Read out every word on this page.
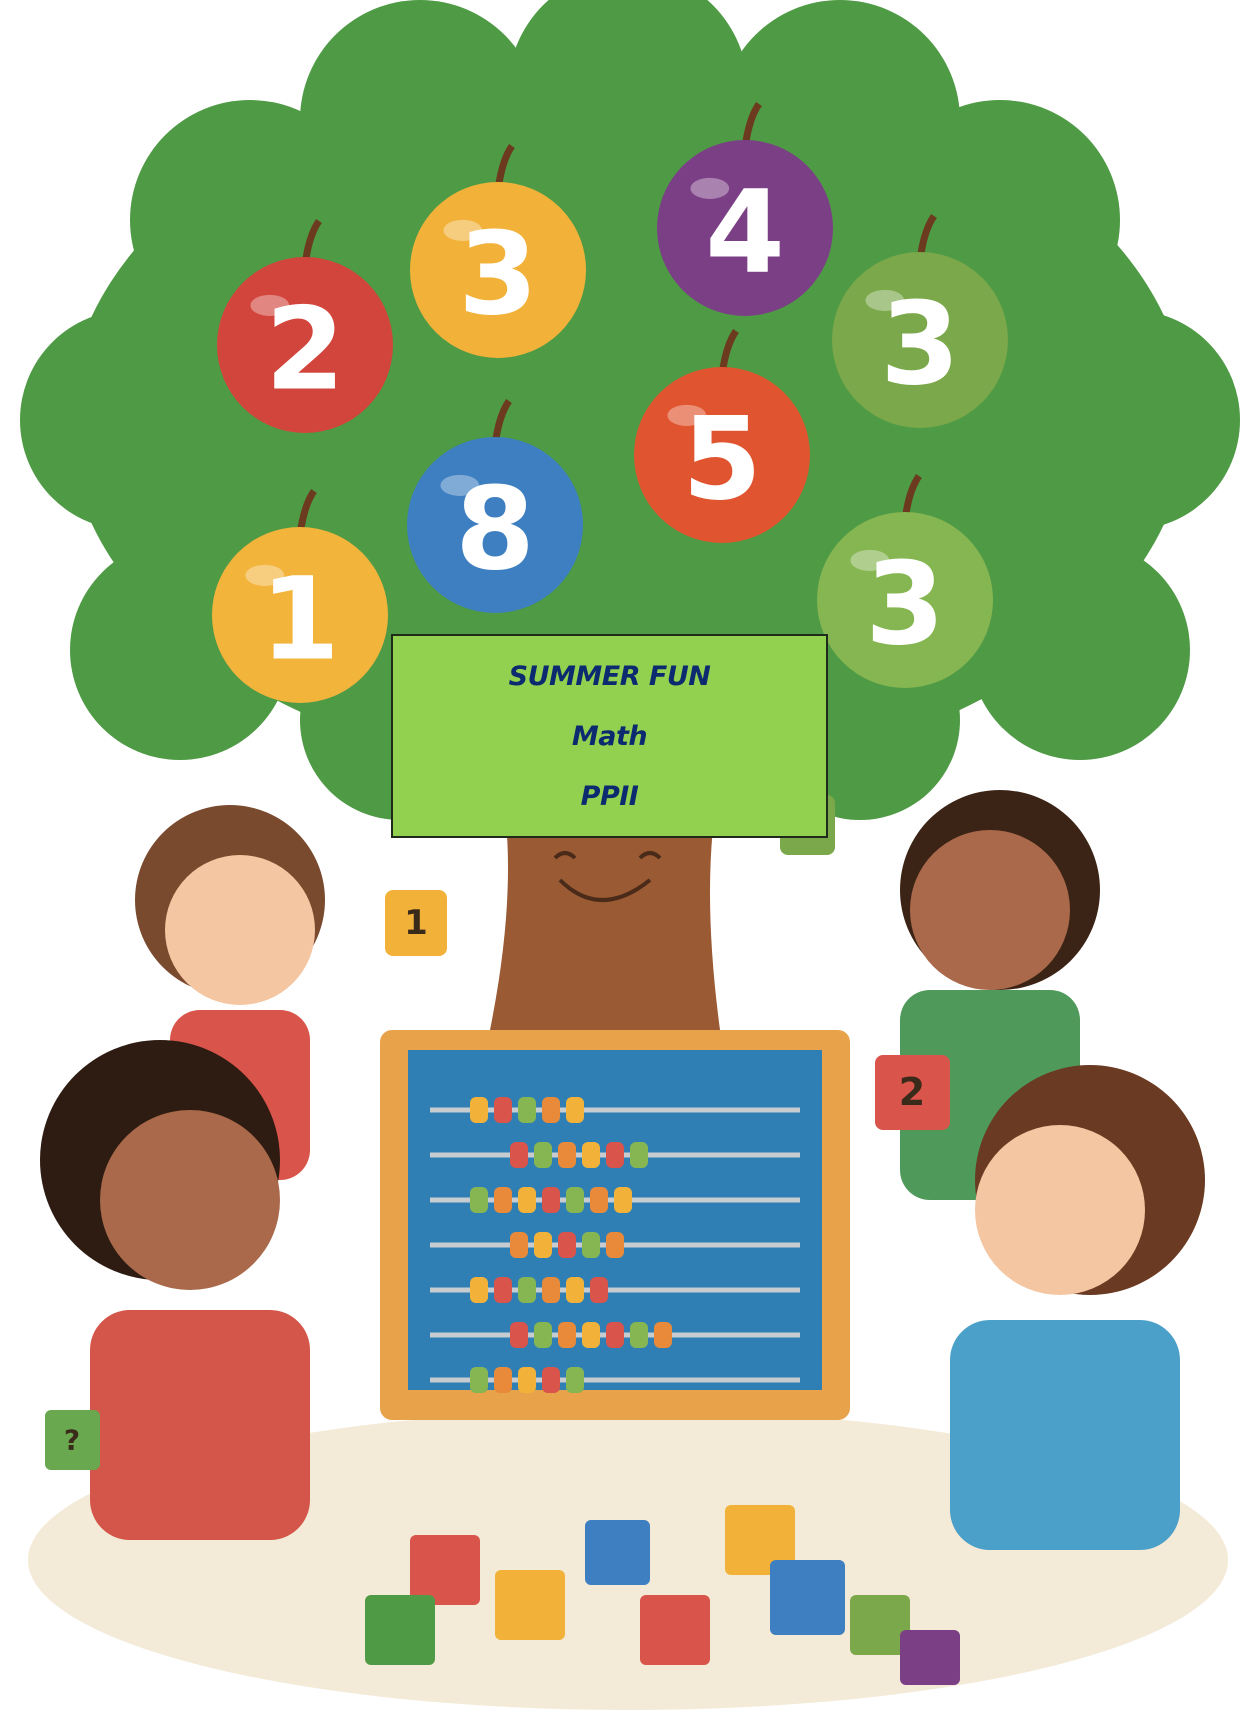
2
3 4
3
5
8
1	3
1
2
?
SUMMER FUN
Math
PPII
